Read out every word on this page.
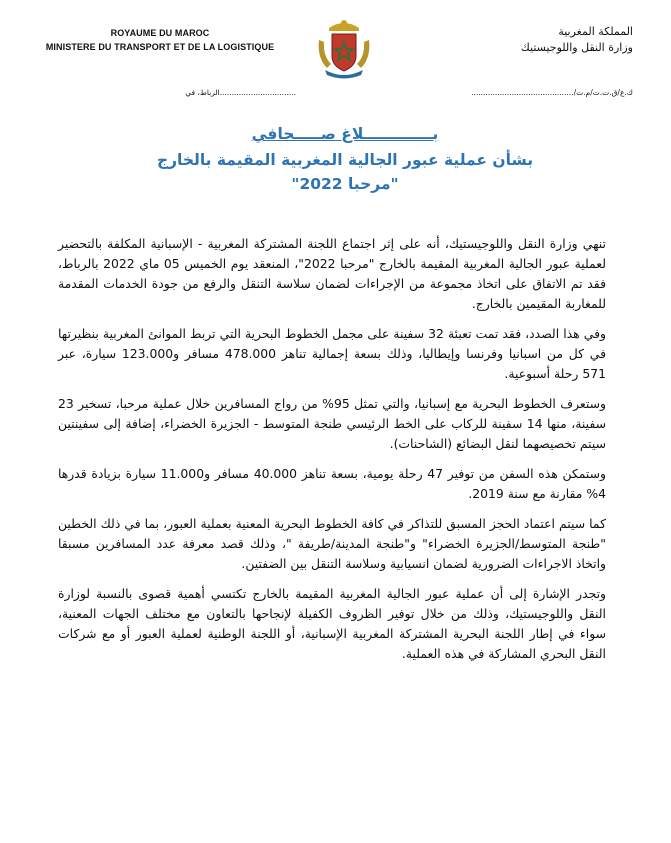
ROYAUME DU MAROC
MINISTERE DU TRANSPORT ET DE LA LOGISTIQUE
المملكة المغربية
وزارة النقل واللوجيستيك
ك.ع/ق.ت.ت/م.ت/...........................................
................................الرباط، في
بـــــــــــــلاغ صـــــحافي
بشأن عملية عبور الجالية المغربية المقيمة بالخارج
"مرحبا 2022"

تنهي وزارة النقل واللوجيستيك، أنه على إثر اجتماع اللجنة المشتركة المغربية - الإسبانية المكلفة بالتحضير لعملية عبور الجالية المغربية المقيمة بالخارج "مرحبا 2022"، المنعقد يوم الخميس 05 ماي 2022 بالرباط، فقد تم الاتفاق على اتخاذ مجموعة من الإجراءات لضمان سلاسة التنقل والرفع من جودة الخدمات المقدمة للمغاربة المقيمين بالخارج.

وفي هذا الصدد، فقد تمت تعبئة 32 سفينة على مجمل الخطوط البحرية التي تربط الموانئ المغربية بنظيرتها في كل من اسبانيا وفرنسا وإيطاليا، وذلك بسعة إجمالية تناهز 478.000 مسافر و123.000 سيارة، عبر 571 رحلة أسبوعية.

وستعرف الخطوط البحرية مع إسبانيا، والتي تمثل 95% من رواج المسافرين خلال عملية مرحبا، تسخير 23 سفينة، منها 14 سفينة للركاب على الخط الرئيسي طنجة المتوسط - الجزيرة الخضراء، إضافة إلى سفينتين سيتم تخصيصهما لنقل البضائع (الشاحنات).

وستمكن هذه السفن من توفير 47 رحلة يومية، بسعة تناهز 40.000 مسافر و11.000 سيارة بزيادة قدرها 4% مقارنة مع سنة 2019.

كما سيتم اعتماد الحجز المسبق للتذاكر في كافة الخطوط البحرية المعنية بعملية العبور، بما في ذلك الخطين "طنجة المتوسط/الجزيرة الخضراء" و"طنجة المدينة/طريفة "، وذلك قصد معرفة عدد المسافرين مسبقا واتخاذ الاجراءات الضرورية لضمان انسيابية وسلاسة التنقل بين الضفتين.

وتجدر الإشارة إلى أن عملية عبور الجالية المغربية المقيمة بالخارج تكتسي أهمية قصوى بالنسبة لوزارة النقل واللوجيستيك، وذلك من خلال توفير الظروف الكفيلة لإنجاحها بالتعاون مع مختلف الجهات المعنية، سواء في إطار اللجنة البحرية المشتركة المغربية الإسبانية، أو اللجنة الوطنية لعملية العبور أو مع شركات النقل البحري المشاركة في هذه العملية.
